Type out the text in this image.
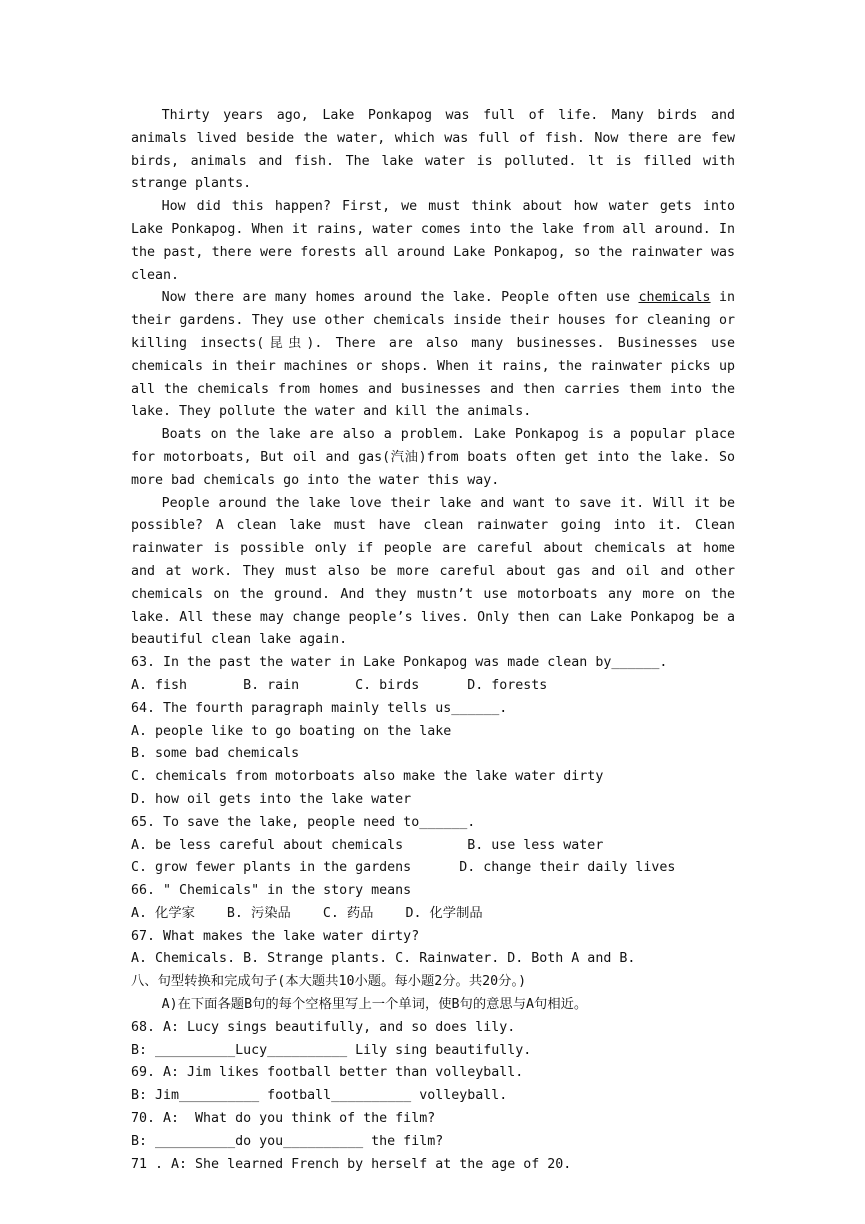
Thirty years ago, Lake Ponkapog was full of life. Many birds and animals lived beside the water, which was full of fish. Now there are few birds, animals and fish. The lake water is polluted. lt is filled with strange plants.

How did this happen? First, we must think about how water gets into Lake Ponkapog. When it rains, water comes into the lake from all around. In the past, there were forests all around Lake Ponkapog, so the rainwater was clean.

Now there are many homes around the lake. People often use chemicals in their gardens. They use other chemicals inside their houses for cleaning or killing insects(昆虫). There are also many businesses. Businesses use chemicals in their machines or shops. When it rains, the rainwater picks up all the chemicals from homes and businesses and then carries them into the lake. They pollute the water and kill the animals.

Boats on the lake are also a problem. Lake Ponkapog is a popular place for motorboats, But oil and gas(汽油)from boats often get into the lake. So more bad chemicals go into the water this way.

People around the lake love their lake and want to save it. Will it be possible? A clean lake must have clean rainwater going into it. Clean rainwater is possible only if people are careful about chemicals at home and at work. They must also be more careful about gas and oil and other chemicals on the ground. And they mustn’t use motorboats any more on the lake. All these may change people’s lives. Only then can Lake Ponkapog be a beautiful clean lake again.

63. In the past the water in Lake Ponkapog was made clean by______.
A. fish       B. rain       C. birds      D. forests
64. The fourth paragraph mainly tells us______.
A. people like to go boating on the lake
B. some bad chemicals
C. chemicals from motorboats also make the lake water dirty
D. how oil gets into the lake water
65. To save the lake, people need to______.
A. be less careful about chemicals        B. use less water
C. grow fewer plants in the gardens      D. change their daily lives
66. " Chemicals" in the story means
A. 化学家    B. 污染品    C. 药品    D. 化学制品
67. What makes the lake water dirty?
A. Chemicals. B. Strange plants. C. Rainwater. D. Both A and B.
八、句型转换和完成句子(本大题共10小题。每小题2分。共20分。)
A)在下面各题B句的每个空格里写上一个单词，使B句的意思与A句相近。
68. A: Lucy sings beautifully, and so does lily.
B: __________Lucy__________ Lily sing beautifully.
69. A: Jim likes football better than volleyball.
B: Jim__________ football__________ volleyball.
70. A:  What do you think of the film?
B: __________do you__________ the film?
71 . A: She learned French by herself at the age of 20.
